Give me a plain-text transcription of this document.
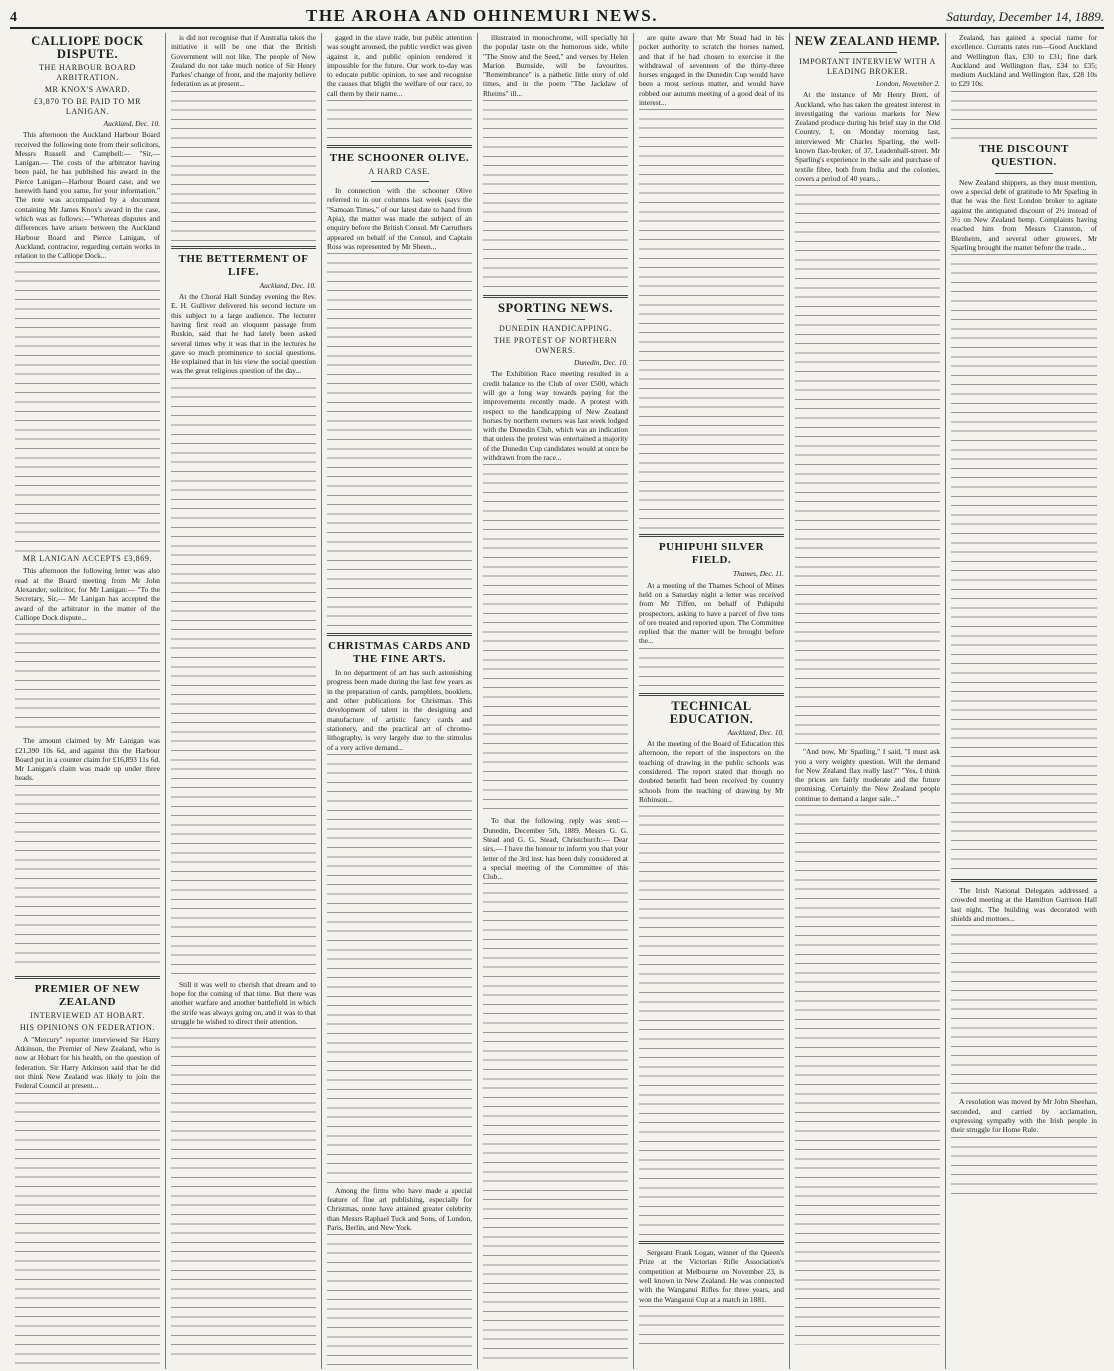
4	THE AROHA AND OHINEMURI NEWS.	Saturday, December 14, 1889.
CALLIOPE DOCK DISPUTE.
THE HARBOUR BOARD ARBITRATION.
MR KNOX'S AWARD.
£3,870 TO BE PAID TO MR LANIGAN.
Auckland, Dec. 10.

This afternoon the Auckland Harbour Board received the following note from their solicitors, Messrs Russell and Campbell:— "Sir,— Lanigan.— The costs of the arbitrator having been paid, he has published his award in the Pierce Lanigan—Harbour Board case, and we herewith hand you same, for your information." The note was accompanied by a document containing Mr James Knox's award in the case, which was as follows:—"Whereas disputes and differences have arisen between the Auckland Harbour Board and Pierce Lanigan, of Auckland, contractor, regarding certain works in relation to the Calliope Dock...

MR LANIGAN ACCEPTS £3,869.

This afternoon the following letter was also read at the Board meeting from Mr John Alexander, solicitor, for Mr Lanigan:— "To the Secretary, Sir,— Mr Lanigan has accepted the award of the arbitrator in the matter of the Calliope Dock dispute...

The amount claimed by Mr Lanigan was £21,390 10s 6d, and against this the Harbour Board put in a counter claim for £16,893 11s 6d. Mr Lanigan's claim was made up under three heads.

PREMIER OF NEW ZEALAND
INTERVIEWED AT HOBART.
HIS OPINIONS ON FEDERATION.

A "Mercury" reporter interviewed Sir Harry Atkinson, the Premier of New Zealand, who is now at Hobart for his health, on the question of federation. Sir Harry Atkinson said that he did not think New Zealand was likely to join the Federal Council at present...

is did not recognise that if Australia takes the initiative it will be one that the British Government will not like. The people of New Zealand do not take much notice of Sir Henry Parkes' change of front, and the majority believe federation as at present...

THE BETTERMENT OF LIFE.
Auckland, Dec. 10.

At the Choral Hall Sunday evening the Rev. E. H. Gulliver delivered his second lecture on this subject to a large audience. The lecturer having first read an eloquent passage from Ruskin, said that he had lately been asked several times why it was that in the lectures he gave so much prominence to social questions. He explained that in his view the social question was the great religious question of the day...

Still it was well to cherish that dream and to hope for the coming of that time. But there was another warfare and another battlefield in which the strife was always going on, and it was to that struggle he wished to direct their attention.

gaged in the slave trade, but public attention was sought aroused, the public verdict was given against it, and public opinion rendered it impossible for the future. Our work to-day was to educate public opinion, to see and recognise the causes that blight the welfare of our race, to call them by their name...

THE SCHOONER OLIVE.
A HARD CASE.

In connection with the schooner Olive referred to in our columns last week (says the "Samoan Times," of our latest date to hand from Apia), the matter was made the subject of an enquiry before the British Consul. Mr Carruthers appeared on behalf of the Consul, and Captain Ross was represented by Mr Sheen...

CHRISTMAS CARDS AND THE FINE ARTS.

In no department of art has such astonishing progress been made during the last few years as in the preparation of cards, pamphlets, booklets, and other publications for Christmas. This development of talent in the designing and manufacture of artistic fancy cards and stationery, and the practical art of chromo-lithography, is very largely due to the stimulus of a very active demand...

Among the firms who have made a special feature of fine art publishing, especially for Christmas, none have attained greater celebrity than Messrs Raphael Tuck and Sons, of London, Paris, Berlin, and New York.

illustrated in monochrome, will specially hit the popular taste on the humorous side, while "The Snow and the Seed," and verses by Helen Marion Burnside, will be favourites. "Remembrance" is a pathetic little story of old times, and in the poem "The Jackdaw of Rheims" ill...

SPORTING NEWS.
DUNEDIN HANDICAPPING.
THE PROTEST OF NORTHERN OWNERS.
Dunedin, Dec. 10.

The Exhibition Race meeting resulted in a credit balance to the Club of over £500, which will go a long way towards paying for the improvements recently made. A protest with respect to the handicapping of New Zealand horses by northern owners was last week lodged with the Dunedin Club, which was an indication that unless the protest was entertained a majority of the Dunedin Cup candidates would at once be withdrawn from the race...

To that the following reply was sent:— Dunedin, December 5th, 1889. Messrs G. G. Stead and G. G. Stead, Christchurch:— Dear sirs,— I have the honour to inform you that your letter of the 3rd inst. has been duly considered at a special meeting of the Committee of this Club...

are quite aware that Mr Stead had in his pocket authority to scratch the horses named, and that if he had chosen to exercise it the withdrawal of seventeen of the thirty-three horses engaged in the Dunedin Cup would have been a most serious matter, and would have robbed our autumn meeting of a good deal of its interest...

PUHIPUHI SILVER FIELD.
Thames, Dec. 11.

At a meeting of the Thames School of Mines held on a Saturday night a letter was received from Mr Tiffen, on behalf of Puhipuhi prospectors, asking to have a parcel of five tons of ore treated and reported upon. The Committee replied that the matter will be brought before the...

TECHNICAL EDUCATION.
Auckland, Dec. 10.

At the meeting of the Board of Education this afternoon, the report of the inspectors on the teaching of drawing in the public schools was considered. The report stated that though no doubted benefit had been received by country schools from the teaching of drawing by Mr Robinson...

Sergeant Frank Logan, winner of the Queen's Prize at the Victorian Rifle Association's competition at Melbourne on November 23, is well known in New Zealand. He was connected with the Wanganui Rifles for three years, and won the Wanganui Cup at a match in 1881.

NEW ZEALAND HEMP.
IMPORTANT INTERVIEW WITH A LEADING BROKER.
London, November 2.

At the instance of Mr Henry Brett, of Auckland, who has taken the greatest interest in investigating the various markets for New Zealand produce during his brief stay in the Old Country, I, on Monday morning last, interviewed Mr Charles Sparling, the well-known flax-broker, of 37, Leadenhall-street. Mr Sparling's experience in the sale and purchase of textile fibre, both from India and the colonies, covers a period of 40 years...

"And now, Mr Sparling," I said, "I must ask you a very weighty question. Will the demand for New Zealand flax really last?" "Yes, I think the prices are fairly moderate and the future promising. Certainly the New Zealand people continue to demand a larger sale..."

Zealand, has gained a special name for excellence. Currants rates run—Good Auckland and Wellington flax, £30 to £31; fine dark Auckland and Wellington flax, £34 to £35; medium Auckland and Wellington flax, £28 10s to £29 10s.

THE DISCOUNT QUESTION.

New Zealand shippers, as they must mention, owe a special debt of gratitude to Mr Sparling in that he was the first London broker to agitate against the antiquated discount of 2½ instead of 3½ on New Zealand hemp. Complaints having reached him from Messrs Cranston, of Blenheim, and several other growers, Mr Sparling brought the matter before the trade...

The Irish National Delegates addressed a crowded meeting at the Hamilton Garrison Hall last night. The building was decorated with shields and mottoes...

A resolution was moved by Mr John Sheehan, seconded, and carried by acclamation, expressing sympathy with the Irish people in their struggle for Home Rule.
